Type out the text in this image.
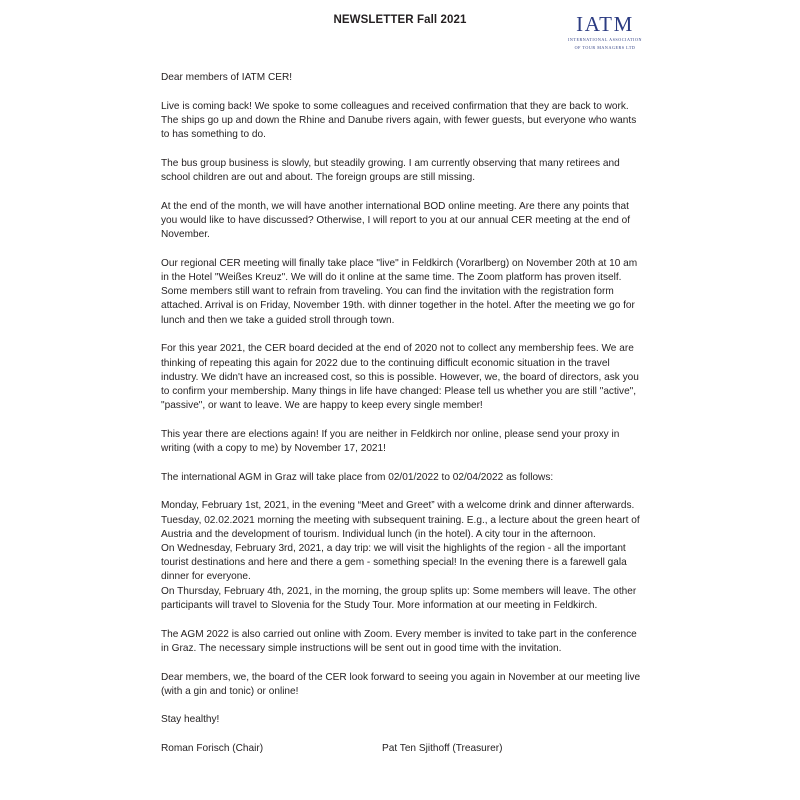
NEWSLETTER Fall 2021	IATM
INTERNATIONAL ASSOCIATION
OF TOUR MANAGERS LTD

Dear members of IATM CER!

Live is coming back! We spoke to some colleagues and received confirmation that they are back to work. The ships go up and down the Rhine and Danube rivers again, with fewer guests, but everyone who wants to has something to do.

The bus group business is slowly, but steadily growing. I am currently observing that many retirees and school children are out and about. The foreign groups are still missing.

At the end of the month, we will have another international BOD online meeting. Are there any points that you would like to have discussed? Otherwise, I will report to you at our annual CER meeting at the end of November.

Our regional CER meeting will finally take place "live" in Feldkirch (Vorarlberg) on November 20th at 10 am in the Hotel "Weißes Kreuz". We will do it online at the same time. The Zoom platform has proven itself. Some members still want to refrain from traveling. You can find the invitation with the registration form attached. Arrival is on Friday, November 19th. with dinner together in the hotel. After the meeting we go for lunch and then we take a guided stroll through town.

For this year 2021, the CER board decided at the end of 2020 not to collect any membership fees. We are thinking of repeating this again for 2022 due to the continuing difficult economic situation in the travel industry. We didn't have an increased cost, so this is possible. However, we, the board of directors, ask you to confirm your membership. Many things in life have changed: Please tell us whether you are still "active", "passive", or want to leave. We are happy to keep every single member!

This year there are elections again! If you are neither in Feldkirch nor online, please send your proxy in writing (with a copy to me) by November 17, 2021!

The international AGM in Graz will take place from 02/01/2022 to 02/04/2022 as follows:

Monday, February 1st, 2021, in the evening “Meet and Greet” with a welcome drink and dinner afterwards.
Tuesday, 02.02.2021 morning the meeting with subsequent training. E.g., a lecture about the green heart of Austria and the development of tourism. Individual lunch (in the hotel). A city tour in the afternoon.
On Wednesday, February 3rd, 2021, a day trip: we will visit the highlights of the region - all the important tourist destinations and here and there a gem - something special! In the evening there is a farewell gala dinner for everyone.
On Thursday, February 4th, 2021, in the morning, the group splits up: Some members will leave. The other participants will travel to Slovenia for the Study Tour. More information at our meeting in Feldkirch.

The AGM 2022 is also carried out online with Zoom. Every member is invited to take part in the conference in Graz. The necessary simple instructions will be sent out in good time with the invitation.

Dear members, we, the board of the CER look forward to seeing you again in November at our meeting live (with a gin and tonic) or online!

Stay healthy!

Roman Forisch (Chair)	Pat Ten Sjithoff (Treasurer)
